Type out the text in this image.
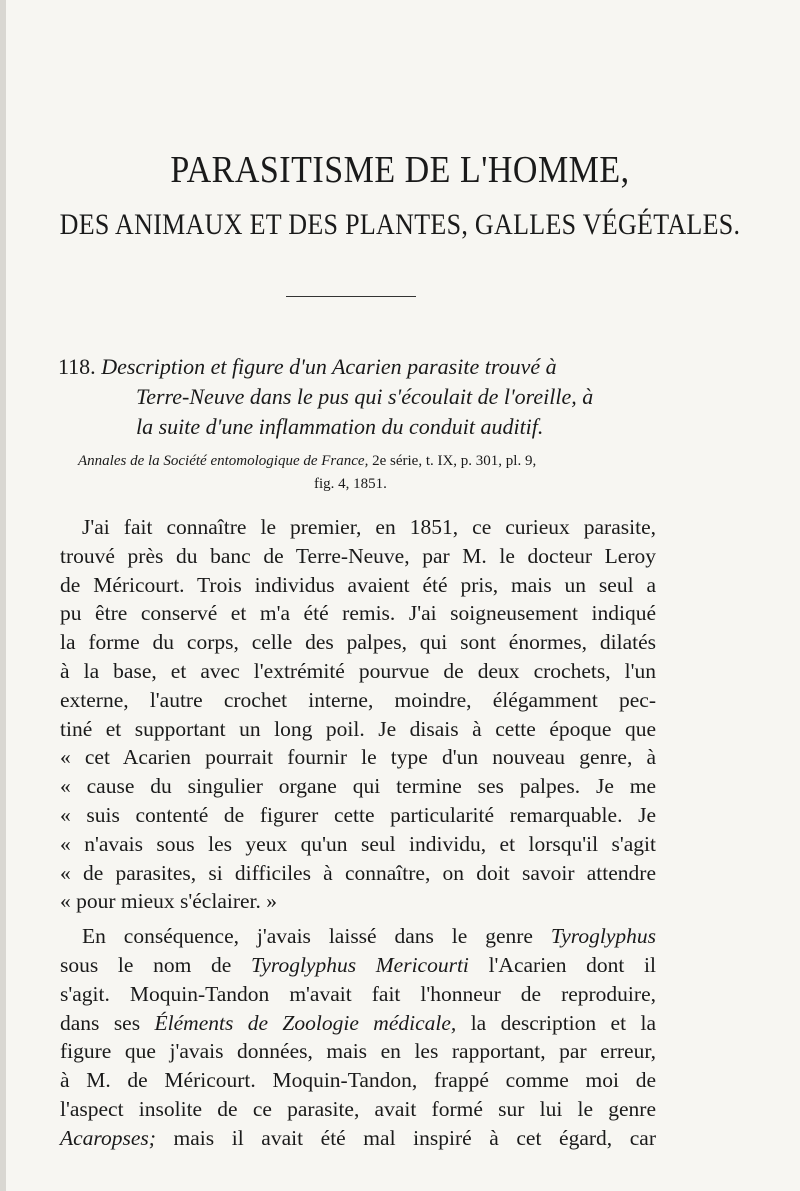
PARASITISME DE L'HOMME,
DES ANIMAUX ET DES PLANTES, GALLES VÉGÉTALES.
118. Description et figure d'un Acarien parasite trouvé à
Terre-Neuve dans le pus qui s'écoulait de l'oreille, à
la suite d'une inflammation du conduit auditif.
Annales de la Société entomologique de France, 2e série, t. IX, p. 301, pl. 9,
fig. 4, 1851.
J'ai fait connaître le premier, en 1851, ce curieux parasite,
trouvé près du banc de Terre-Neuve, par M. le docteur Leroy
de Méricourt. Trois individus avaient été pris, mais un seul a
pu être conservé et m'a été remis. J'ai soigneusement indiqué
la forme du corps, celle des palpes, qui sont énormes, dilatés
à la base, et avec l'extrémité pourvue de deux crochets, l'un
externe, l'autre crochet interne, moindre, élégamment pec-
tiné et supportant un long poil. Je disais à cette époque que
« cet Acarien pourrait fournir le type d'un nouveau genre, à
« cause du singulier organe qui termine ses palpes. Je me
« suis contenté de figurer cette particularité remarquable. Je
« n'avais sous les yeux qu'un seul individu, et lorsqu'il s'agit
« de parasites, si difficiles à connaître, on doit savoir attendre
« pour mieux s'éclairer. »
En conséquence, j'avais laissé dans le genre Tyroglyphus
sous le nom de Tyroglyphus Mericourti l'Acarien dont il
s'agit. Moquin-Tandon m'avait fait l'honneur de reproduire,
dans ses Éléments de Zoologie médicale, la description et la
figure que j'avais données, mais en les rapportant, par erreur,
à M. de Méricourt. Moquin-Tandon, frappé comme moi de
l'aspect insolite de ce parasite, avait formé sur lui le genre
Acaropses; mais il avait été mal inspiré à cet égard, car
